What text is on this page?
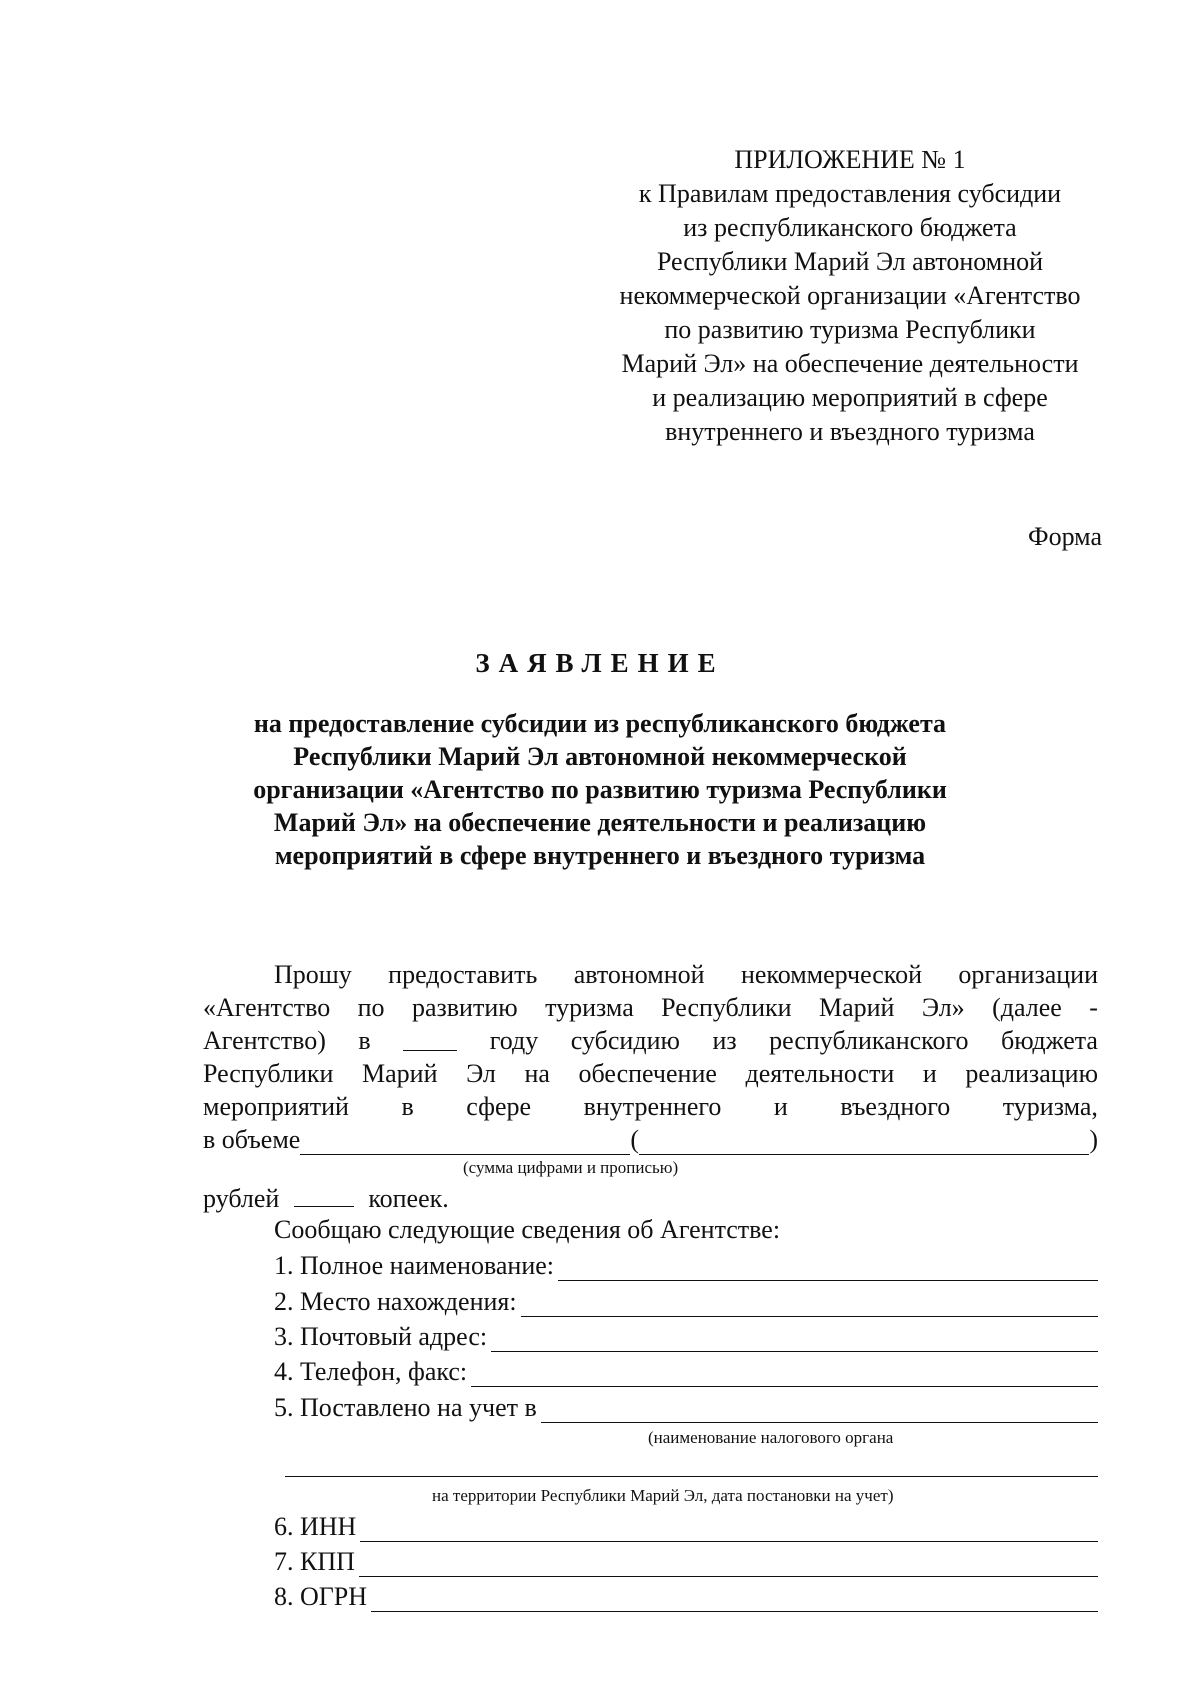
ПРИЛОЖЕНИЕ № 1
к Правилам предоставления субсидии
из республиканского бюджета
Республики Марий Эл автономной
некоммерческой организации «Агентство
по развитию туризма Республики
Марий Эл» на обеспечение деятельности
и реализацию мероприятий в сфере
внутреннего и въездного туризма
Форма
ЗАЯВЛЕНИЕ
на предоставление субсидии из республиканского бюджета
Республики Марий Эл автономной некоммерческой
организации «Агентство по развитию туризма Республики
Марий Эл» на обеспечение деятельности и реализацию
мероприятий в сфере внутреннего и въездного туризма
Прошу предоставить автономной некоммерческой организации
«Агентство по развитию туризма Республики Марий Эл» (далее -
Агентство) в	году субсидию из республиканского бюджета
Республики Марий Эл на обеспечение деятельности и реализацию
мероприятий в сфере внутреннего и въездного туризма,
в объеме	(	)
(сумма цифрами и прописью)
рублей	копеек.
Сообщаю следующие сведения об Агентстве:
1. Полное наименование:
2. Место нахождения:
3. Почтовый адрес:
4. Телефон, факс:
5. Поставлено на учет в
(наименование налогового органа
на территории Республики Марий Эл, дата постановки на учет)
6. ИНН
7. КПП
8. ОГРН
